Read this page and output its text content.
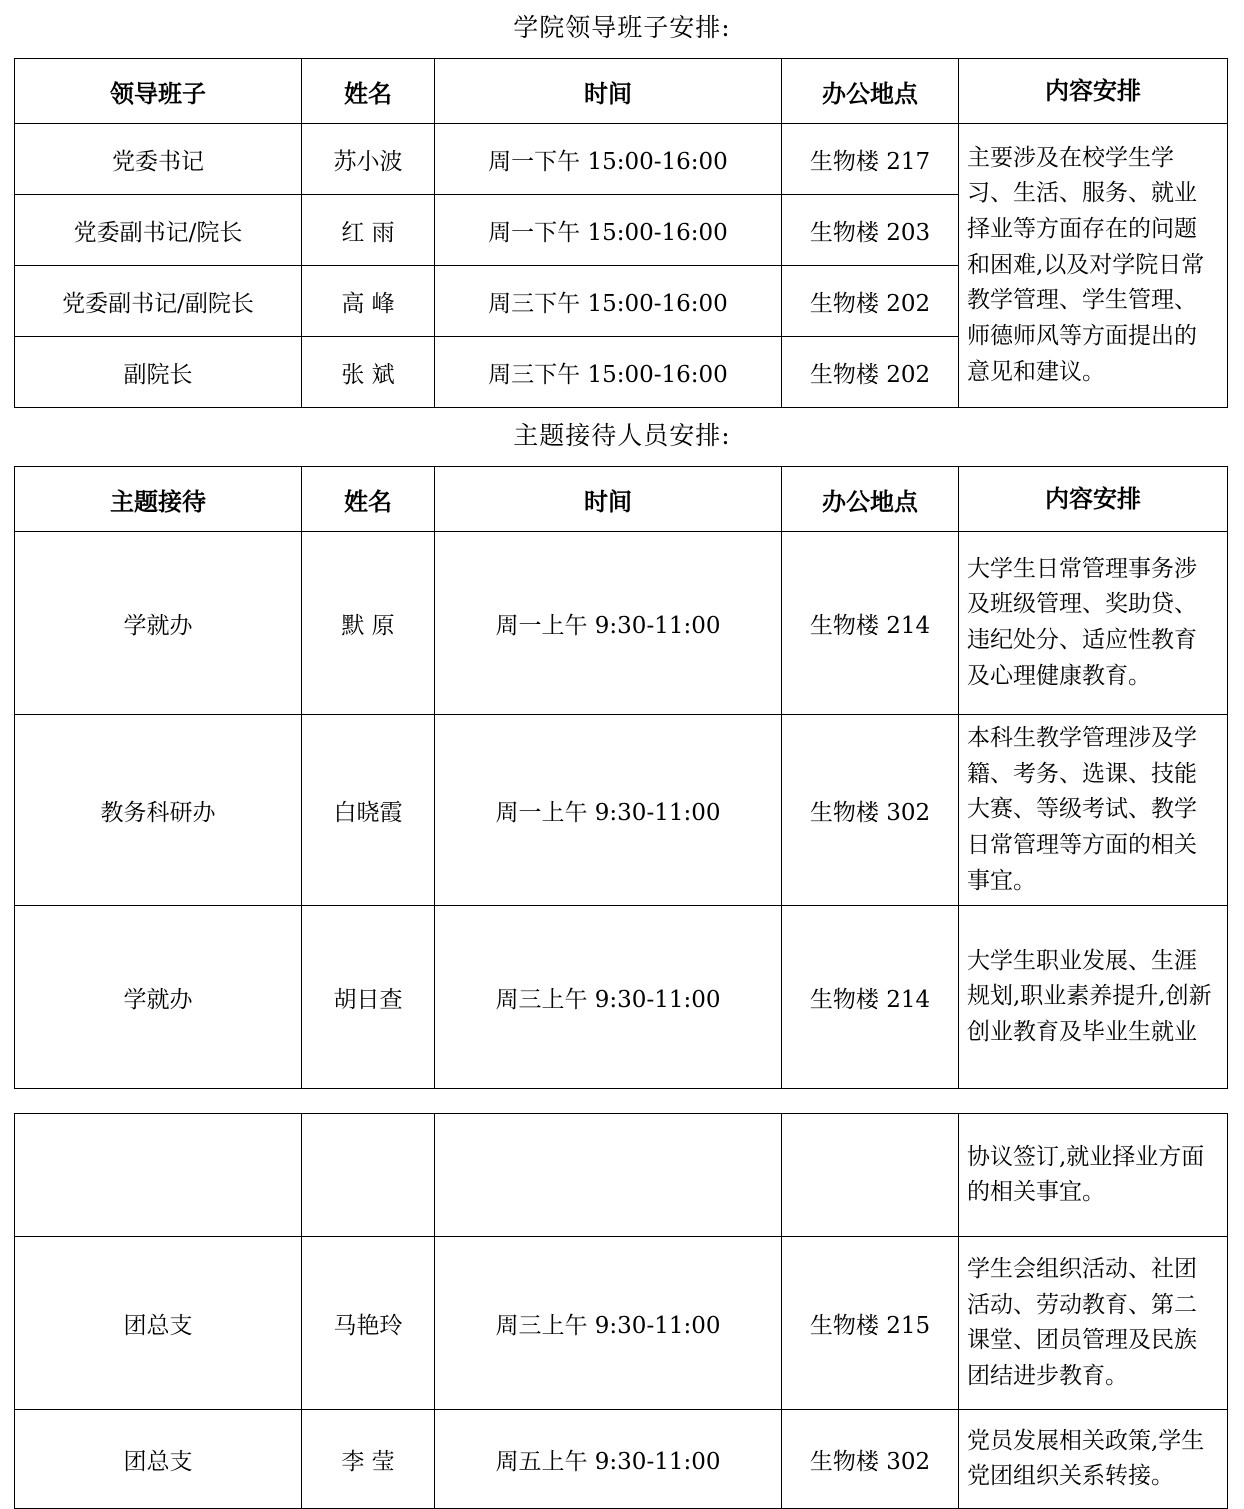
学院领导班子安排:
领导班子	姓名	时间	办公地点	内容安排
党委书记	苏小波	周一下午 15:00-16:00	生物楼 217	主要涉及在校学生学习、生活、服务、就业择业等方面存在的问题和困难,以及对学院日常教学管理、学生管理、师德师风等方面提出的意见和建议。
党委副书记/院长	红 雨	周一下午 15:00-16:00	生物楼 203	
党委副书记/副院长	高 峰	周三下午 15:00-16:00	生物楼 202	
副院长	张 斌	周三下午 15:00-16:00	生物楼 202	
主题接待人员安排:
主题接待	姓名	时间	办公地点	内容安排
学就办	默 原	周一上午 9:30-11:00	生物楼 214	大学生日常管理事务涉及班级管理、奖助贷、违纪处分、适应性教育及心理健康教育。
教务科研办	白晓霞	周一上午 9:30-11:00	生物楼 302	本科生教学管理涉及学籍、考务、选课、技能大赛、等级考试、教学日常管理等方面的相关事宜。
学就办	胡日查	周三上午 9:30-11:00	生物楼 214	大学生职业发展、生涯规划,职业素养提升,创新创业教育及毕业生就业
				协议签订,就业择业方面的相关事宜。
团总支	马艳玲	周三上午 9:30-11:00	生物楼 215	学生会组织活动、社团活动、劳动教育、第二课堂、团员管理及民族团结进步教育。
团总支	李 莹	周五上午 9:30-11:00	生物楼 302	党员发展相关政策,学生党团组织关系转接。
